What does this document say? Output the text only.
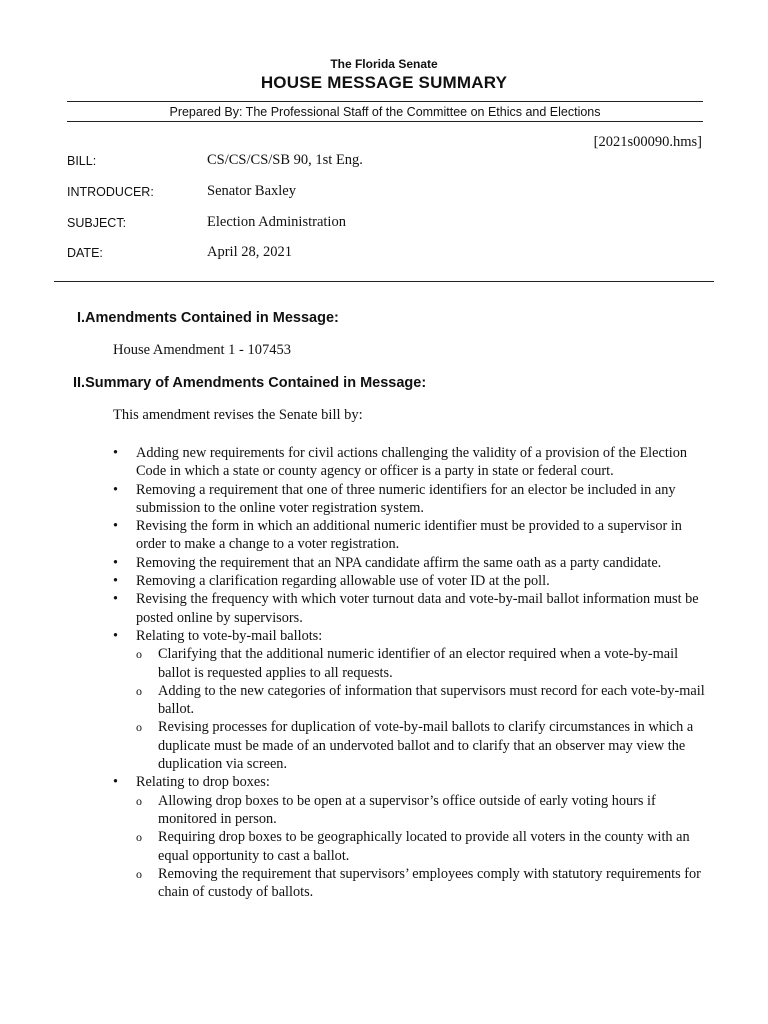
The Florida Senate
HOUSE MESSAGE SUMMARY
Prepared By: The Professional Staff of the Committee on Ethics and Elections
[2021s00090.hms]
BILL:	CS/CS/CS/SB 90, 1st Eng.
INTRODUCER:	Senator Baxley
SUBJECT:	Election Administration
DATE:	April 28, 2021
I.Amendments Contained in Message:
House Amendment 1 - 107453
II.Summary of Amendments Contained in Message:
This amendment revises the Senate bill by:
• Adding new requirements for civil actions challenging the validity of a provision of the Election Code in which a state or county agency or officer is a party in state or federal court.
• Removing a requirement that one of three numeric identifiers for an elector be included in any submission to the online voter registration system.
• Revising the form in which an additional numeric identifier must be provided to a supervisor in order to make a change to a voter registration.
• Removing the requirement that an NPA candidate affirm the same oath as a party candidate.
• Removing a clarification regarding allowable use of voter ID at the poll.
• Revising the frequency with which voter turnout data and vote-by-mail ballot information must be posted online by supervisors.
• Relating to vote-by-mail ballots:
o Clarifying that the additional numeric identifier of an elector required when a vote-by-mail ballot is requested applies to all requests.
o Adding to the new categories of information that supervisors must record for each vote-by-mail ballot.
o Revising processes for duplication of vote-by-mail ballots to clarify circumstances in which a duplicate must be made of an undervoted ballot and to clarify that an observer may view the duplication via screen.
• Relating to drop boxes:
o Allowing drop boxes to be open at a supervisor’s office outside of early voting hours if monitored in person.
o Requiring drop boxes to be geographically located to provide all voters in the county with an equal opportunity to cast a ballot.
o Removing the requirement that supervisors’ employees comply with statutory requirements for chain of custody of ballots.
